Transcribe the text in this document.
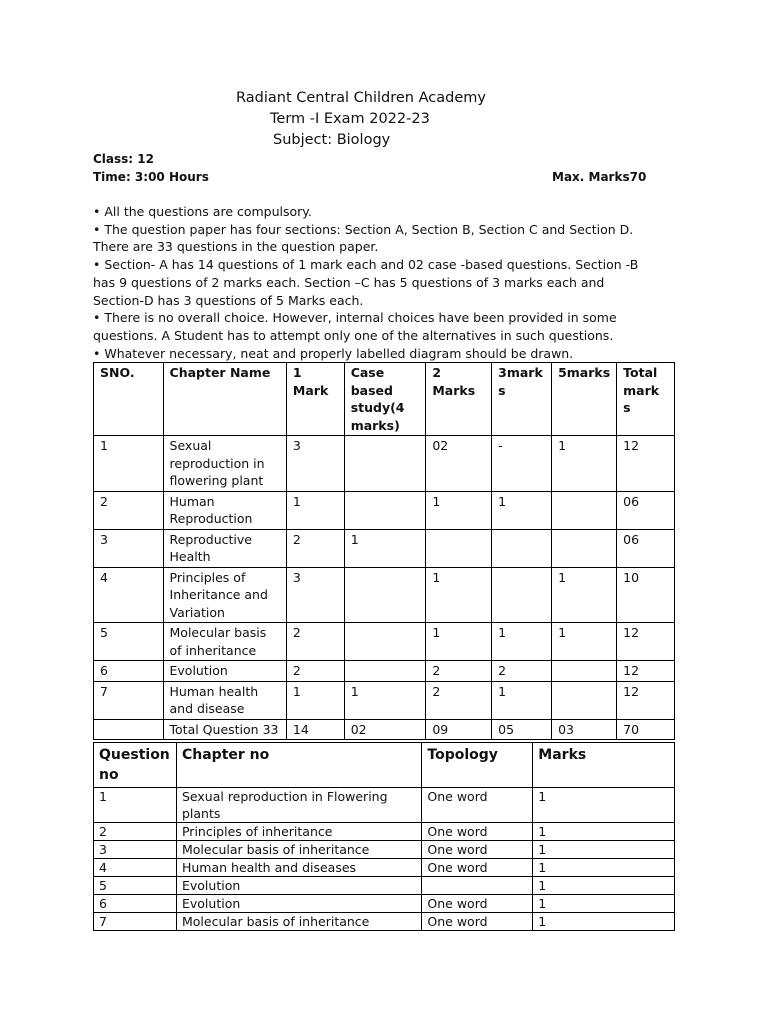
Radiant Central Children Academy
Term -I Exam 2022-23
Subject: Biology
Class: 12
Time: 3:00 Hours	Max. Marks70

• All the questions are compulsory.

• The question paper has four sections: Section A, Section B, Section C and Section D. There are 33 questions in the question paper.

• Section- A has 14 questions of 1 mark each and 02 case -based questions. Section -B has 9 questions of 2 marks each. Section –C has 5 questions of 3 marks each and Section-D has 3 questions of 5 Marks each.

• There is no overall choice. However, internal choices have been provided in some questions. A Student has to attempt only one of the alternatives in such questions.

• Whatever necessary, neat and properly labelled diagram should be drawn.

SNO.	Chapter Name	1 Mark	Case based study(4 marks)	2 Marks	3mark s	5marks	Total mark s
1	Sexual reproduction in flowering plant	3		02	-	1	12
2	Human Reproduction	1		1	1		06
3	Reproductive Health	2	1				06
4	Principles of Inheritance and Variation	3		1		1	10
5	Molecular basis of inheritance	2		1	1	1	12
6	Evolution	2		2	2		12
7	Human health and disease	1	1	2	1		12
	Total Question 33	14	02	09	05	03	70
Question no	Chapter no	Topology	Marks
1	Sexual reproduction in Flowering plants	One word	1
2	Principles of inheritance	One word	1
3	Molecular basis of inheritance	One word	1
4	Human health and diseases	One word	1
5	Evolution		1
6	Evolution	One word	1
7	Molecular basis of inheritance	One word	1
